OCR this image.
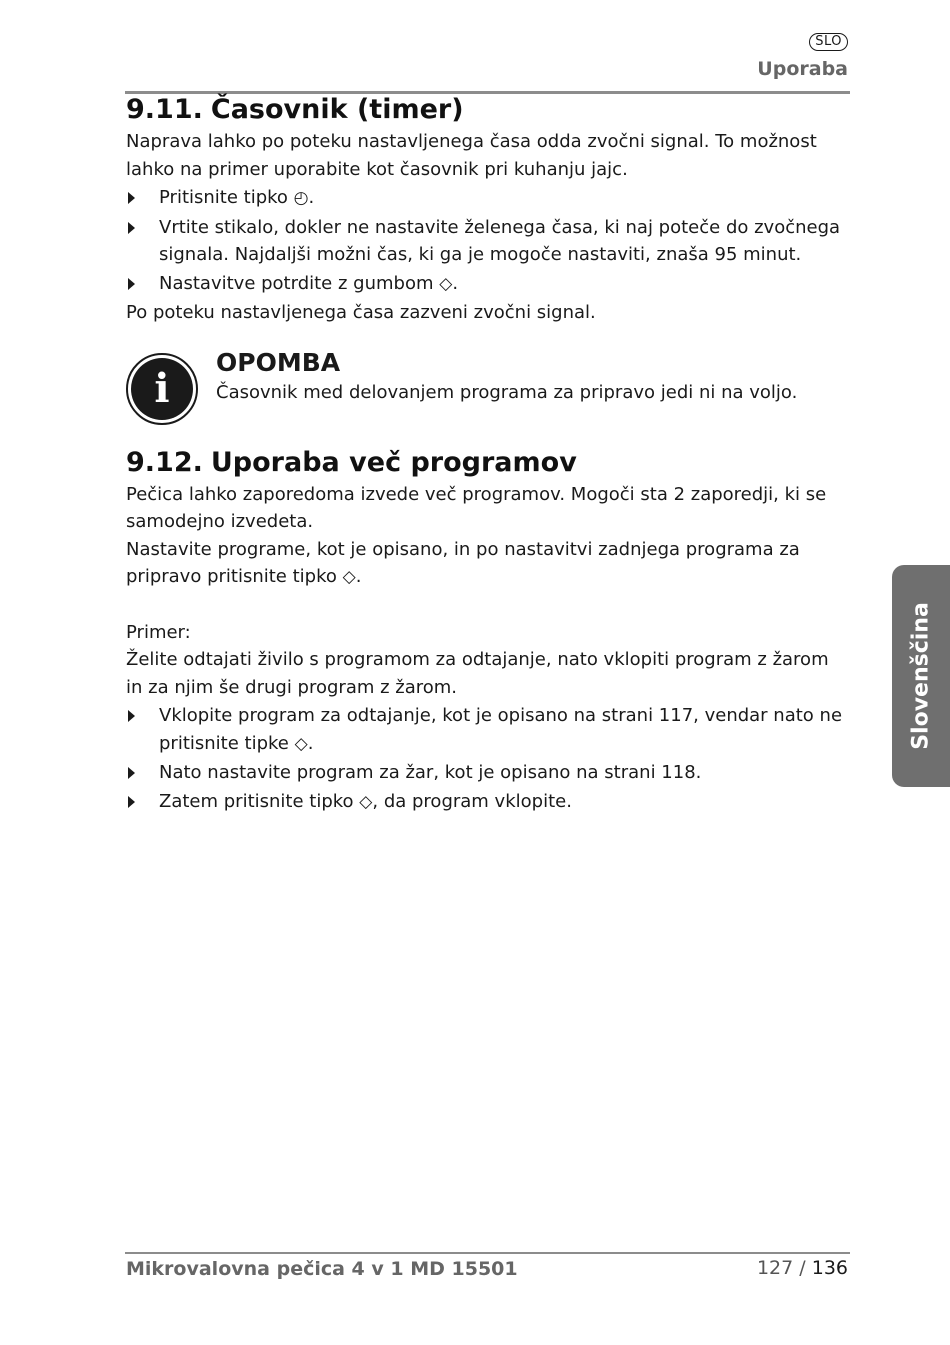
SLO
Uporaba
9.11. Časovnik (timer)

Naprava lahko po poteku nastavljenega časa odda zvočni signal. To možnost lahko na primer uporabite kot časovnik pri kuhanju jajc.

Pritisnite tipko ◴.
Vrtite stikalo, dokler ne nastavite želenega časa, ki naj poteče do zvočnega signala. Najdaljši možni čas, ki ga je mogoče nastaviti, znaša 95 minut.
Nastavitve potrdite z gumbom ◇.

Po poteku nastavljenega časa zazveni zvočni signal.

i
OPOMBA
Časovnik med delovanjem programa za pripravo jedi ni na voljo.
9.12. Uporaba več programov

Pečica lahko zaporedoma izvede več programov. Mogoči sta 2 zaporedji, ki se samodejno izvedeta.

Nastavite programe, kot je opisano, in po nastavitvi zadnjega programa za pripravo pritisnite tipko ◇.

Primer:

Želite odtajati živilo s programom za odtajanje, nato vklopiti program z žarom in za njim še drugi program z žarom.

Vklopite program za odtajanje, kot je opisano na strani 117, vendar nato ne pritisnite tipke ◇.
Nato nastavite program za žar, kot je opisano na strani 118.
Zatem pritisnite tipko ◇, da program vklopite.
Slovenščina
Mikrovalovna pečica 4 v 1 MD 15501	127 / 136
